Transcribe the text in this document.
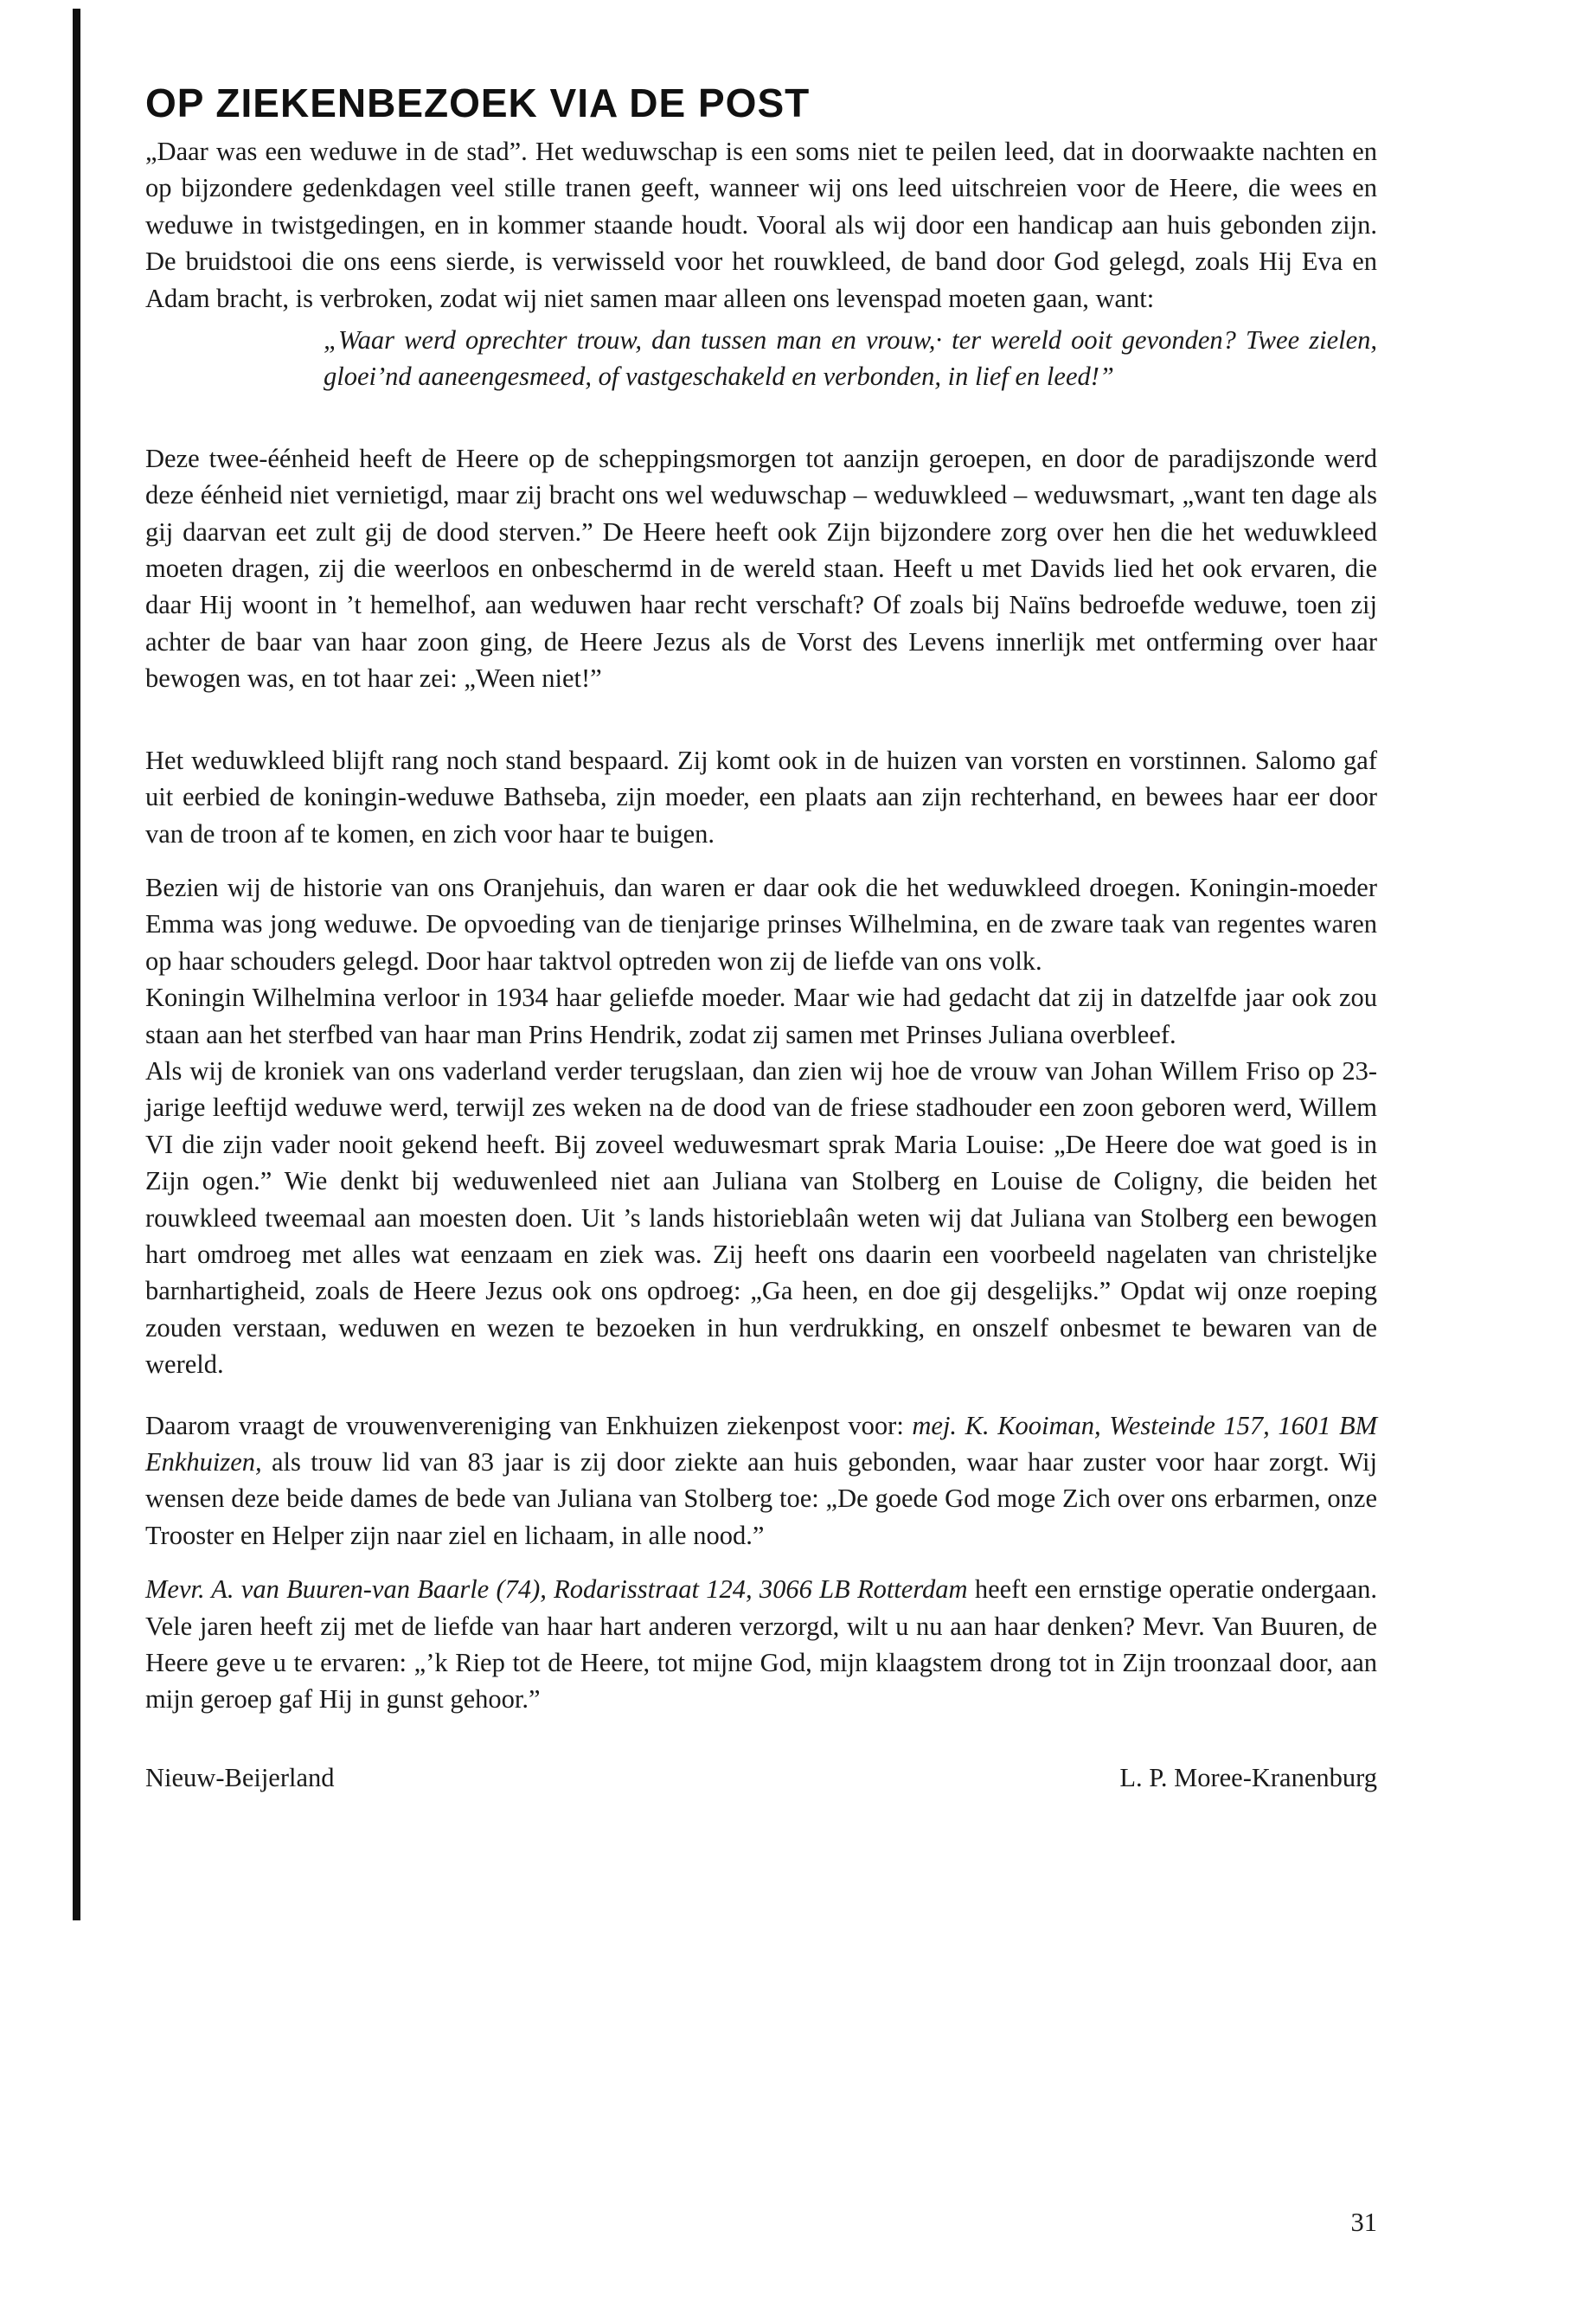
OP ZIEKENBEZOEK VIA DE POST

„Daar was een weduwe in de stad”. Het weduwschap is een soms niet te peilen leed, dat in doorwaakte nachten en op bijzondere gedenkdagen veel stille tranen geeft, wanneer wij ons leed uitschreien voor de Heere, die wees en weduwe in twistgedingen, en in kommer staande houdt. Vooral als wij door een handicap aan huis gebonden zijn. De bruidstooi die ons eens sierde, is verwisseld voor het rouwkleed, de band door God gelegd, zoals Hij Eva en Adam bracht, is verbroken, zodat wij niet samen maar alleen ons levenspad moeten gaan, want:

„Waar werd oprechter trouw, dan tussen man en vrouw,· ter wereld ooit gevonden? Twee zielen, gloei’nd aaneengesmeed, of vastgeschakeld en verbonden, in lief en leed!”

Deze twee-éénheid heeft de Heere op de scheppingsmorgen tot aanzijn geroepen, en door de paradijszonde werd deze éénheid niet vernietigd, maar zij bracht ons wel weduwschap – weduwkleed – weduwsmart, „want ten dage als gij daarvan eet zult gij de dood sterven.” De Heere heeft ook Zijn bijzondere zorg over hen die het weduwkleed moeten dragen, zij die weerloos en onbeschermd in de wereld staan. Heeft u met Davids lied het ook ervaren, die daar Hij woont in ’t hemelhof, aan weduwen haar recht verschaft? Of zoals bij Naïns bedroefde weduwe, toen zij achter de baar van haar zoon ging, de Heere Jezus als de Vorst des Levens innerlijk met ontferming over haar bewogen was, en tot haar zei: „Ween niet!”

Het weduwkleed blijft rang noch stand bespaard. Zij komt ook in de huizen van vorsten en vorstinnen. Salomo gaf uit eerbied de koningin-weduwe Bathseba, zijn moeder, een plaats aan zijn rechterhand, en bewees haar eer door van de troon af te komen, en zich voor haar te buigen.

Bezien wij de historie van ons Oranjehuis, dan waren er daar ook die het weduwkleed droegen. Koningin-moeder Emma was jong weduwe. De opvoeding van de tienjarige prinses Wilhelmina, en de zware taak van regentes waren op haar schouders gelegd. Door haar taktvol optreden won zij de liefde van ons volk.

Koningin Wilhelmina verloor in 1934 haar geliefde moeder. Maar wie had gedacht dat zij in datzelfde jaar ook zou staan aan het sterfbed van haar man Prins Hendrik, zodat zij samen met Prinses Juliana overbleef.

Als wij de kroniek van ons vaderland verder terugslaan, dan zien wij hoe de vrouw van Johan Willem Friso op 23-jarige leeftijd weduwe werd, terwijl zes weken na de dood van de friese stadhouder een zoon geboren werd, Willem VI die zijn vader nooit gekend heeft. Bij zoveel weduwesmart sprak Maria Louise: „De Heere doe wat goed is in Zijn ogen.” Wie denkt bij weduwenleed niet aan Juliana van Stolberg en Louise de Coligny, die beiden het rouwkleed tweemaal aan moesten doen. Uit ’s lands historieblaân weten wij dat Juliana van Stolberg een bewogen hart omdroeg met alles wat eenzaam en ziek was. Zij heeft ons daarin een voorbeeld nagelaten van christeljke barnhartigheid, zoals de Heere Jezus ook ons opdroeg: „Ga heen, en doe gij desgelijks.” Opdat wij onze roeping zouden verstaan, weduwen en wezen te bezoeken in hun verdrukking, en onszelf onbesmet te bewaren van de wereld.

Daarom vraagt de vrouwenvereniging van Enkhuizen ziekenpost voor: mej. K. Kooiman, Westeinde 157, 1601 BM Enkhuizen, als trouw lid van 83 jaar is zij door ziekte aan huis gebonden, waar haar zuster voor haar zorgt. Wij wensen deze beide dames de bede van Juliana van Stolberg toe: „De goede God moge Zich over ons erbarmen, onze Trooster en Helper zijn naar ziel en lichaam, in alle nood.”

Mevr. A. van Buuren-van Baarle (74), Rodarisstraat 124, 3066 LB Rotterdam heeft een ernstige operatie ondergaan. Vele jaren heeft zij met de liefde van haar hart anderen verzorgd, wilt u nu aan haar denken? Mevr. Van Buuren, de Heere geve u te ervaren: „’k Riep tot de Heere, tot mijne God, mijn klaagstem drong tot in Zijn troonzaal door, aan mijn geroep gaf Hij in gunst gehoor.”

Nieuw-Beijerland	L. P. Moree-Kranenburg
31
